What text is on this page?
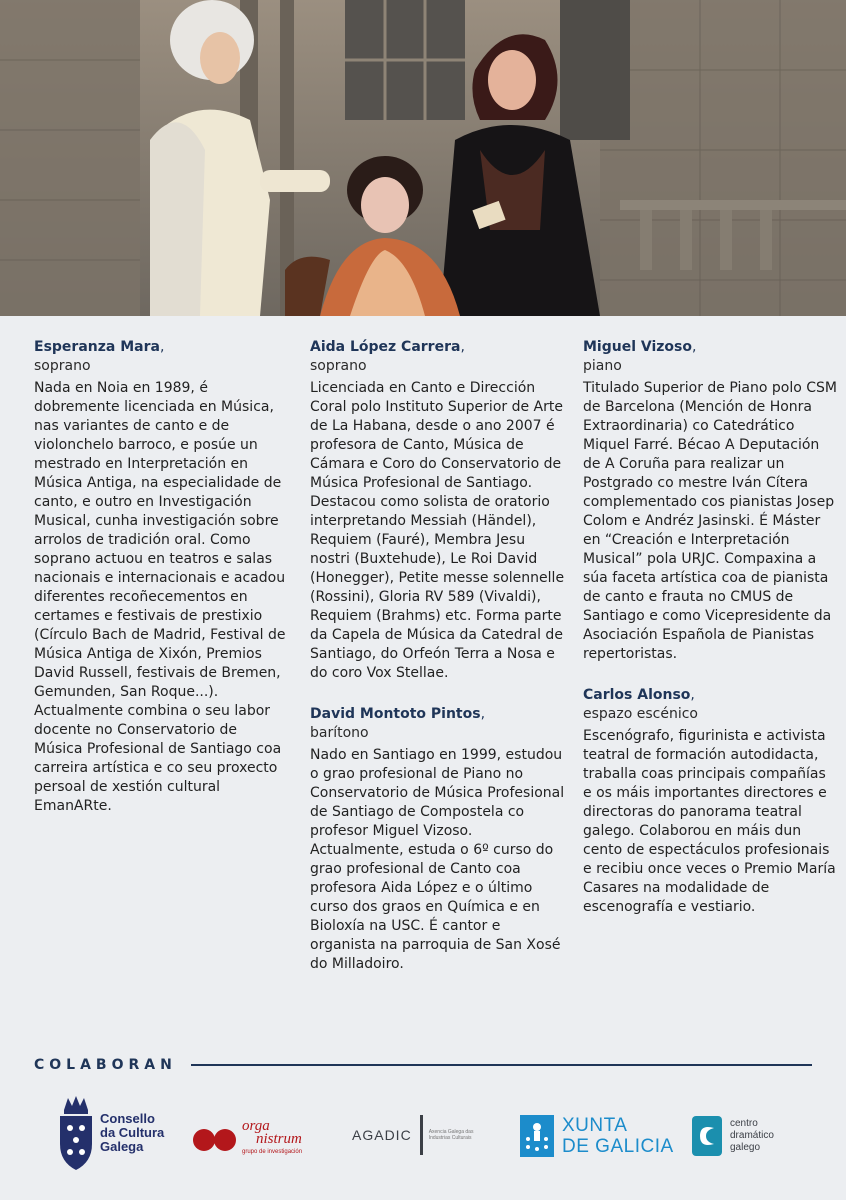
Esperanza Mara,
soprano
Nada en Noia en 1989, é dobremente licenciada en Música, nas variantes de canto e de violonchelo barroco, e posúe un mestrado en Interpretación en Música Antiga, na especialidade de canto, e outro en Investigación Musical, cunha investigación sobre arrolos de tradición oral. Como soprano actuou en teatros e salas nacionais e internacionais e acadou diferentes recoñecementos en certames e festivais de prestixio (Círculo Bach de Madrid, Festival de Música Antiga de Xixón, Premios David Russell, festivais de Bremen, Gemunden, San Roque...). Actualmente combina o seu labor docente no Conservatorio de Música Profesional de Santiago coa carreira artística e co seu proxecto persoal de xestión cultural EmanARte.
Aida López Carrera,
soprano
Licenciada en Canto e Dirección Coral polo Instituto Superior de Arte de La Habana, desde o ano 2007 é profesora de Canto, Música de Cámara e Coro do Conservatorio de Música Profesional de Santiago. Destacou como solista de oratorio interpretando Messiah (Händel), Requiem (Fauré), Membra Jesu nostri (Buxtehude), Le Roi David (Honegger), Petite messe solennelle (Rossini), Gloria RV 589 (Vivaldi), Requiem (Brahms) etc. Forma parte da Capela de Música da Catedral de Santiago, do Orfeón Terra a Nosa e do coro Vox Stellae.
David Montoto Pintos,
barítono
Nado en Santiago en 1999, estudou o grao profesional de Piano no Conservatorio de Música Profesional de Santiago de Compostela co profesor Miguel Vizoso. Actualmente, estuda o 6º curso do grao profesional de Canto coa profesora Aida López e o último curso dos graos en Química e en Bioloxía na USC. É cantor e organista na parroquia de San Xosé do Milladoiro.
Miguel Vizoso,
piano
Titulado Superior de Piano polo CSM de Barcelona (Mención de Honra Extraordinaria) co Catedrático Miquel Farré. Bécao A Deputación de A Coruña para realizar un Postgrado co mestre Iván Cítera complementado cos pianistas Josep Colom e Andréz Jasinski. É Máster en “Creación e Interpretación Musical” pola URJC. Compaxina a súa faceta artística coa de pianista de canto e frauta no CMUS de Santiago e como Vicepresidente da Asociación Española de Pianistas repertoristas.
Carlos Alonso,
espazo escénico
Escenógrafo, figurinista e activista teatral de formación autodidacta, traballa coas principais compañías e os máis importantes directores e directoras do panorama teatral galego. Colaborou en máis dun cento de espectáculos profesionais e recibiu once veces o Premio María Casares na modalidade de escenografía e vestiario.
COLABORAN
Consello
da Cultura
Galega
orga
nistrum
grupo de investigación
AGADIC	Axencia Galega das Industrias Culturais
XUNTA
DE GALICIA
centro
dramático
galego
